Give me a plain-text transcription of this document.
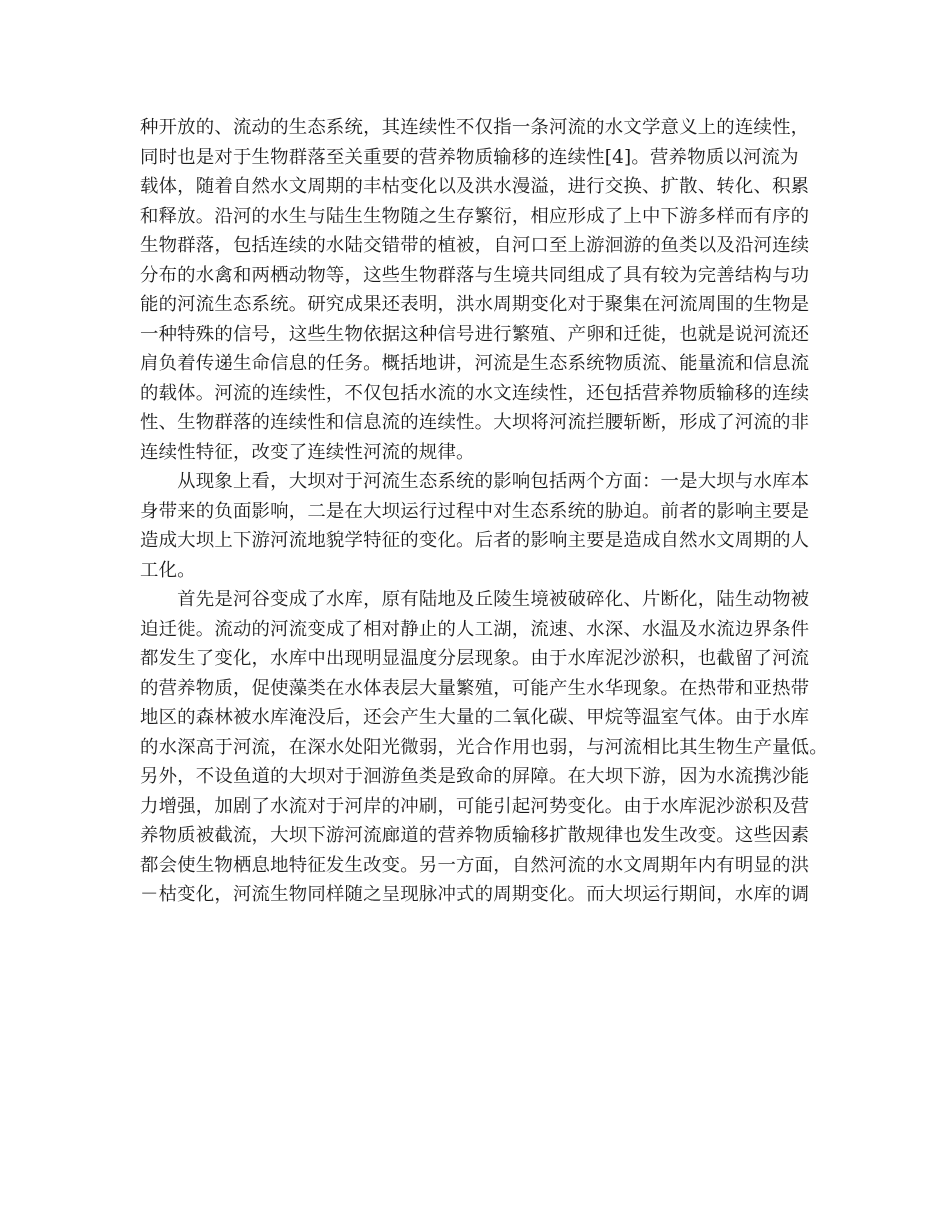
种开放的、流动的生态系统，其连续性不仅指一条河流的水文学意义上的连续性，
同时也是对于生物群落至关重要的营养物质输移的连续性[4]。营养物质以河流为
载体，随着自然水文周期的丰枯变化以及洪水漫溢，进行交换、扩散、转化、积累
和释放。沿河的水生与陆生生物随之生存繁衍，相应形成了上中下游多样而有序的
生物群落，包括连续的水陆交错带的植被，自河口至上游洄游的鱼类以及沿河连续
分布的水禽和两栖动物等，这些生物群落与生境共同组成了具有较为完善结构与功
能的河流生态系统。研究成果还表明，洪水周期变化对于聚集在河流周围的生物是
一种特殊的信号，这些生物依据这种信号进行繁殖、产卵和迁徙，也就是说河流还
肩负着传递生命信息的任务。概括地讲，河流是生态系统物质流、能量流和信息流
的载体。河流的连续性，不仅包括水流的水文连续性，还包括营养物质输移的连续
性、生物群落的连续性和信息流的连续性。大坝将河流拦腰斩断，形成了河流的非
连续性特征，改变了连续性河流的规律。

　　从现象上看，大坝对于河流生态系统的影响包括两个方面：一是大坝与水库本
身带来的负面影响，二是在大坝运行过程中对生态系统的胁迫。前者的影响主要是
造成大坝上下游河流地貌学特征的变化。后者的影响主要是造成自然水文周期的人
工化。

　　首先是河谷变成了水库，原有陆地及丘陵生境被破碎化、片断化，陆生动物被
迫迁徙。流动的河流变成了相对静止的人工湖，流速、水深、水温及水流边界条件
都发生了变化，水库中出现明显温度分层现象。由于水库泥沙淤积，也截留了河流
的营养物质，促使藻类在水体表层大量繁殖，可能产生水华现象。在热带和亚热带
地区的森林被水库淹没后，还会产生大量的二氧化碳、甲烷等温室气体。由于水库
的水深高于河流，在深水处阳光微弱，光合作用也弱，与河流相比其生物生产量低。
另外，不设鱼道的大坝对于洄游鱼类是致命的屏障。在大坝下游，因为水流携沙能
力增强，加剧了水流对于河岸的冲刷，可能引起河势变化。由于水库泥沙淤积及营
养物质被截流，大坝下游河流廊道的营养物质输移扩散规律也发生改变。这些因素
都会使生物栖息地特征发生改变。另一方面，自然河流的水文周期年内有明显的洪
－枯变化，河流生物同样随之呈现脉冲式的周期变化。而大坝运行期间，水库的调
